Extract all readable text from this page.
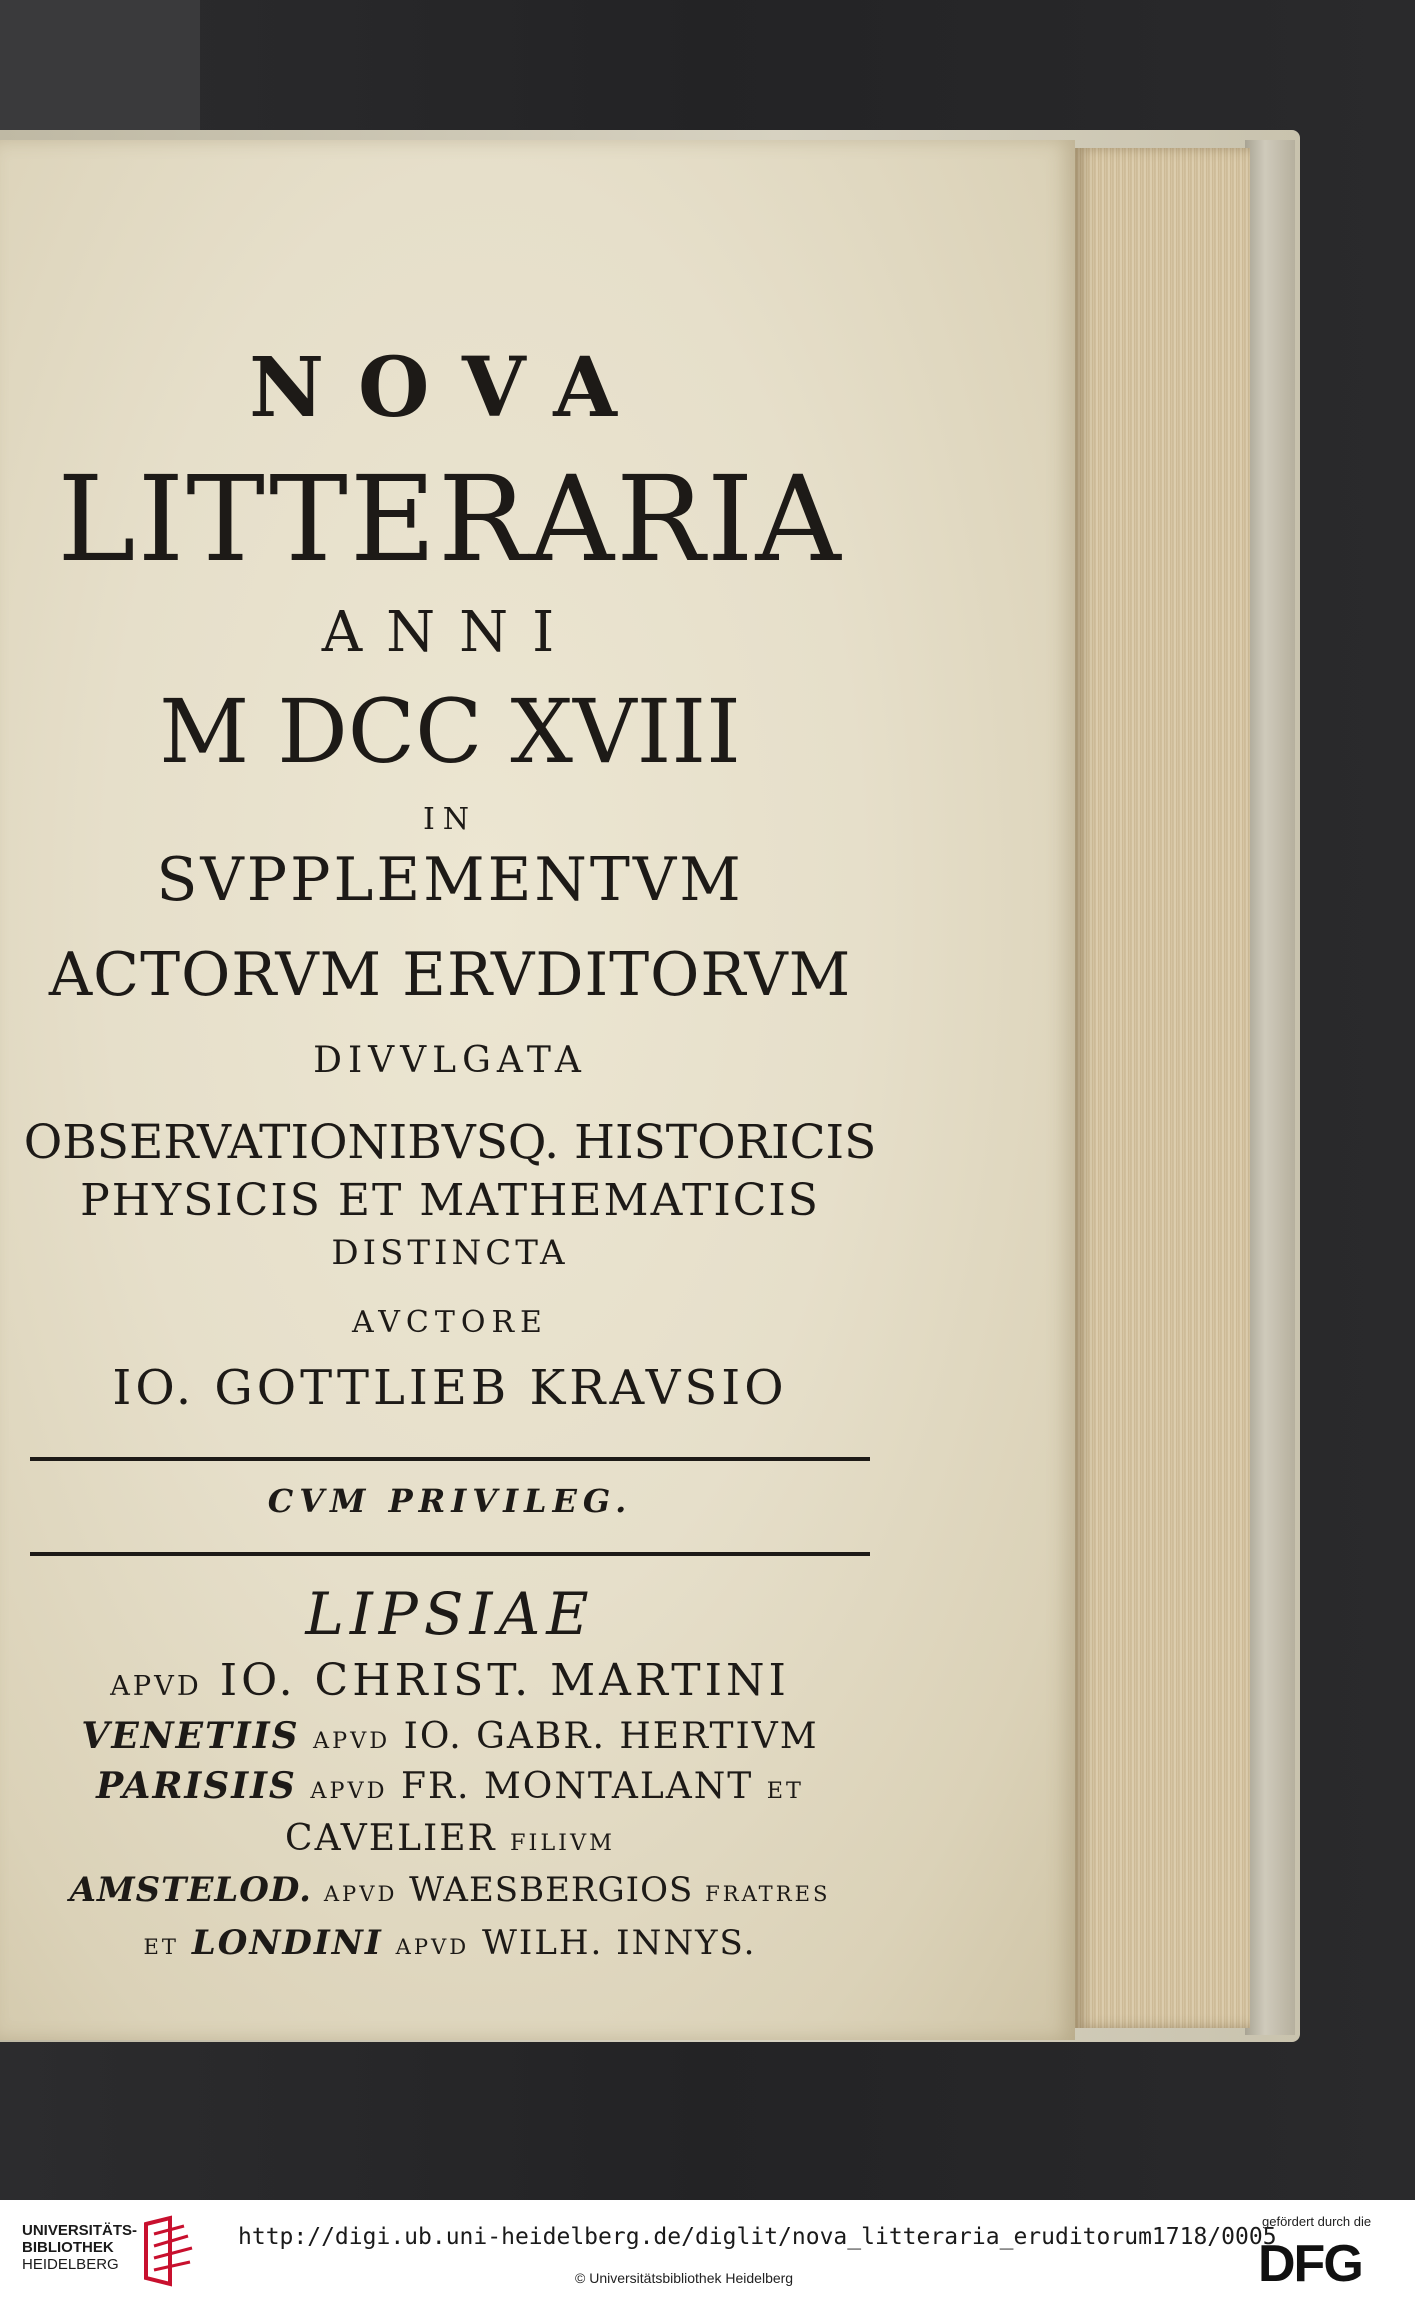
NOVA
LITTERARIA
ANNI
M DCC XVIII
IN
SVPPLEMENTVM
ACTORVM ERVDITORVM
DIVVLGATA
OBSERVATIONIBVSQ. HISTORICIS
PHYSICIS ET MATHEMATICIS
DISTINCTA
AVCTORE
IO. GOTTLIEB KRAVSIO
CVM PRIVILEG.
LIPSIAE
APVD IO. CHRIST. MARTINI
VENETIIS APVD IO. GABR. HERTIVM
PARISIIS APVD FR. MONTALANT ET
CAVELIER FILIVM
AMSTELOD. APVD WAESBERGIOS FRATRES
ET LONDINI APVD WILH. INNYS.
UNIVERSITÄTS-
BIBLIOTHEK
HEIDELBERG
http://digi.ub.uni-heidelberg.de/diglit/nova_litteraria_eruditorum1718/0005
© Universitätsbibliothek Heidelberg
gefördert durch die
DFG
